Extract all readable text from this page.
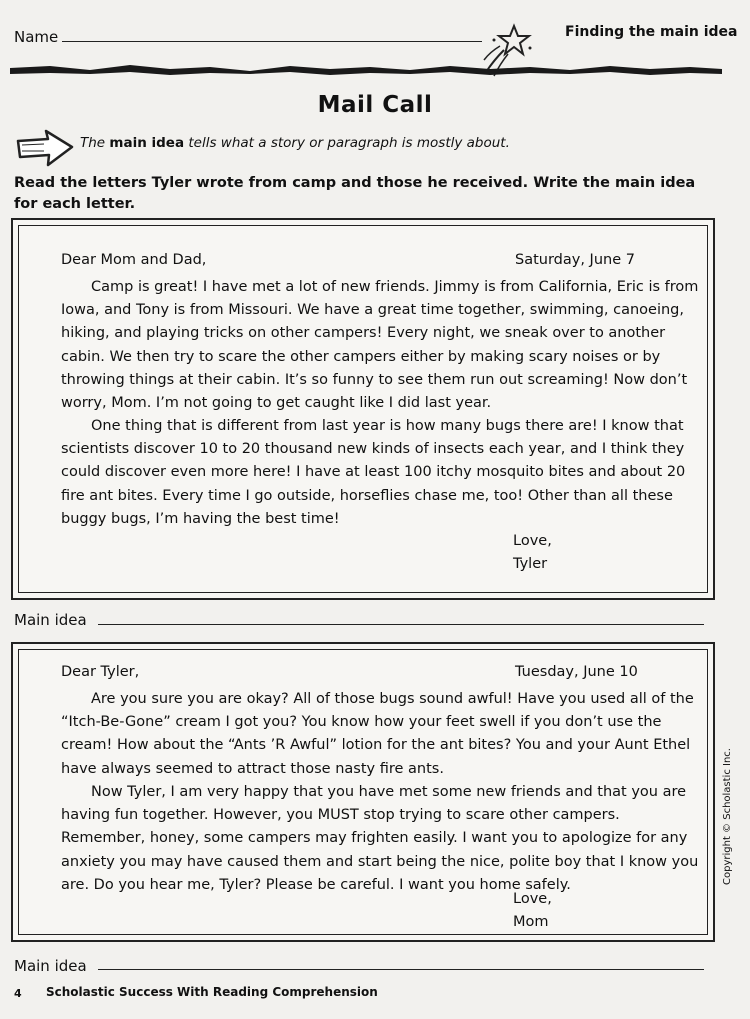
Name	Finding the main idea
Mail Call
The main idea tells what a story or paragraph is mostly about.
Read the letters Tyler wrote from camp and those he received. Write the main idea for each letter.
Dear Mom and Dad,	Saturday, June 7
Camp is great! I have met a lot of new friends. Jimmy is from California, Eric is from Iowa, and Tony is from Missouri. We have a great time together, swimming, canoeing, hiking, and playing tricks on other campers! Every night, we sneak over to another cabin. We then try to scare the other campers either by making scary noises or by throwing things at their cabin. It’s so funny to see them run out screaming! Now don’t worry, Mom. I’m not going to get caught like I did last year.
One thing that is different from last year is how many bugs there are! I know that scientists discover 10 to 20 thousand new kinds of insects each year, and I think they could discover even more here! I have at least 100 itchy mosquito bites and about 20 fire ant bites. Every time I go outside, horseflies chase me, too! Other than all these buggy bugs, I’m having the best time!
Love,
Tyler
Main idea
Dear Tyler,	Tuesday, June 10
Are you sure you are okay? All of those bugs sound awful! Have you used all of the “Itch-Be-Gone” cream I got you? You know how your feet swell if you don’t use the cream! How about the “Ants ’R Awful” lotion for the ant bites? You and your Aunt Ethel have always seemed to attract those nasty fire ants.
Now Tyler, I am very happy that you have met some new friends and that you are having fun together. However, you MUST stop trying to scare other campers. Remember, honey, some campers may frighten easily. I want you to apologize for any anxiety you may have caused them and start being the nice, polite boy that I know you are. Do you hear me, Tyler? Please be careful. I want you home safely.
Love,
Mom
Main idea
4 Scholastic Success With Reading Comprehension
Copyright © Scholastic Inc.
